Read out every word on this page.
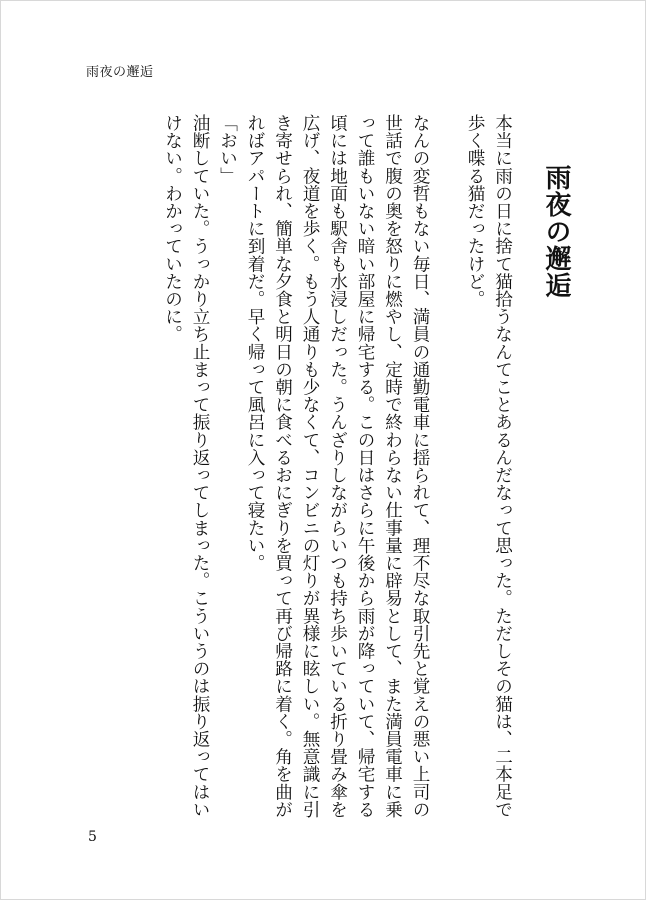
雨夜の邂逅
雨夜の邂逅
本当に雨の日に捨て猫拾うなんてことあるんだなって思った。ただしその猫は、二本足で歩く喋る猫だったけど。
なんの変哲もない毎日、満員の通勤電車に揺られて、理不尽な取引先と覚えの悪い上司の世話で腹の奥を怒りに燃やし、定時で終わらない仕事量に辟易として、また満員電車に乗って誰もいない暗い部屋に帰宅する。この日はさらに午後から雨が降っていて、帰宅する頃には地面も駅舎も水浸しだった。うんざりしながらいつも持ち歩いている折り畳み傘を広げ、夜道を歩く。もう人通りも少なくて、コンビニの灯りが異様に眩しい。無意識に引き寄せられ、簡単な夕食と明日の朝に食べるおにぎりを買って再び帰路に着く。角を曲がればアパートに到着だ。早く帰って風呂に入って寝たい。
「おい」
油断していた。うっかり立ち止まって振り返ってしまった。こういうのは振り返ってはいけない。わかっていたのに。
5
